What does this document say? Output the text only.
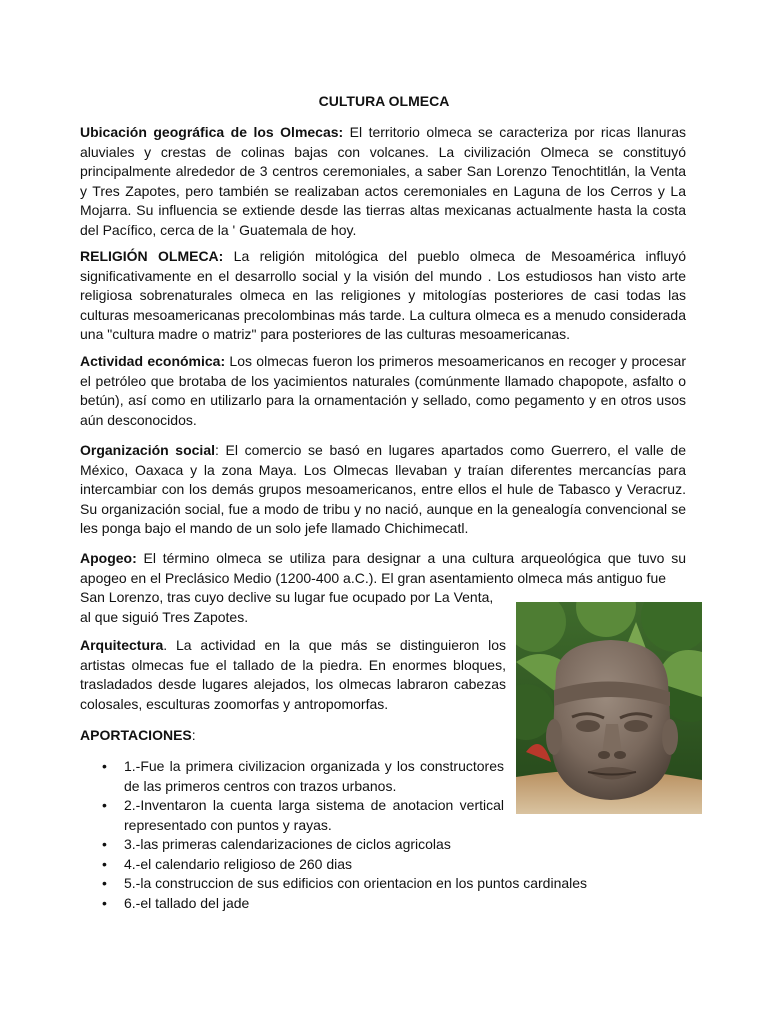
CULTURA OLMECA

Ubicación geográfica de los Olmecas: El territorio olmeca se caracteriza por ricas llanuras aluviales y crestas de colinas bajas con volcanes. La civilización Olmeca se constituyó principalmente alrededor de 3 centros ceremoniales, a saber San Lorenzo Tenochtitlán, la Venta y Tres Zapotes, pero también se realizaban actos ceremoniales en Laguna de los Cerros y La Mojarra. Su influencia se extiende desde las tierras altas mexicanas actualmente hasta la costa del Pacífico, cerca de la ' Guatemala de hoy.

RELIGIÓN OLMECA: La religión mitológica del pueblo olmeca de Mesoamérica influyó significativamente en el desarrollo social y la visión del mundo . Los estudiosos han visto arte religiosa sobrenaturales olmeca en las religiones y mitologías posteriores de casi todas las culturas mesoamericanas precolombinas más tarde. La cultura olmeca es a menudo considerada una "cultura madre o matriz" para posteriores de las culturas mesoamericanas.

Actividad económica: Los olmecas fueron los primeros mesoamericanos en recoger y procesar el petróleo que brotaba de los yacimientos naturales (comúnmente llamado chapopote, asfalto o betún), así como en utilizarlo para la ornamentación y sellado, como pegamento y en otros usos aún desconocidos.

Organización social: El comercio se basó en lugares apartados como Guerrero, el valle de México, Oaxaca y la zona Maya. Los Olmecas llevaban y traían diferentes mercancías para intercambiar con los demás grupos mesoamericanos, entre ellos el hule de Tabasco y Veracruz. Su organización social, fue a modo de tribu y no nació, aunque en la genealogía convencional se les ponga bajo el mando de un solo jefe llamado Chichimecatl.

Apogeo: El término olmeca se utiliza para designar a una cultura arqueológica que tuvo su apogeo en el Preclásico Medio (1200-400 a.C.). El gran asentamiento olmeca más antiguo fue

San Lorenzo, tras cuyo declive su lugar fue ocupado por La Venta, al que siguió Tres Zapotes.

Arquitectura. La actividad en la que más se distinguieron los artistas olmecas fue el tallado de la piedra. En enormes bloques, trasladados desde lugares alejados, los olmecas labraron cabezas colosales, esculturas zoomorfas y antropomorfas.

APORTACIONES:
• 1.-Fue la primera civilizacion organizada y los constructores de las primeros centros con trazos urbanos.
• 2.-Inventaron la cuenta larga sistema de anotacion vertical representado con puntos y rayas.
• 3.-las primeras calendarizaciones de ciclos agricolas
• 4.-el calendario religioso de 260 dias
• 5.-la construccion de sus edificios con orientacion en los puntos cardinales
• 6.-el tallado del jade
